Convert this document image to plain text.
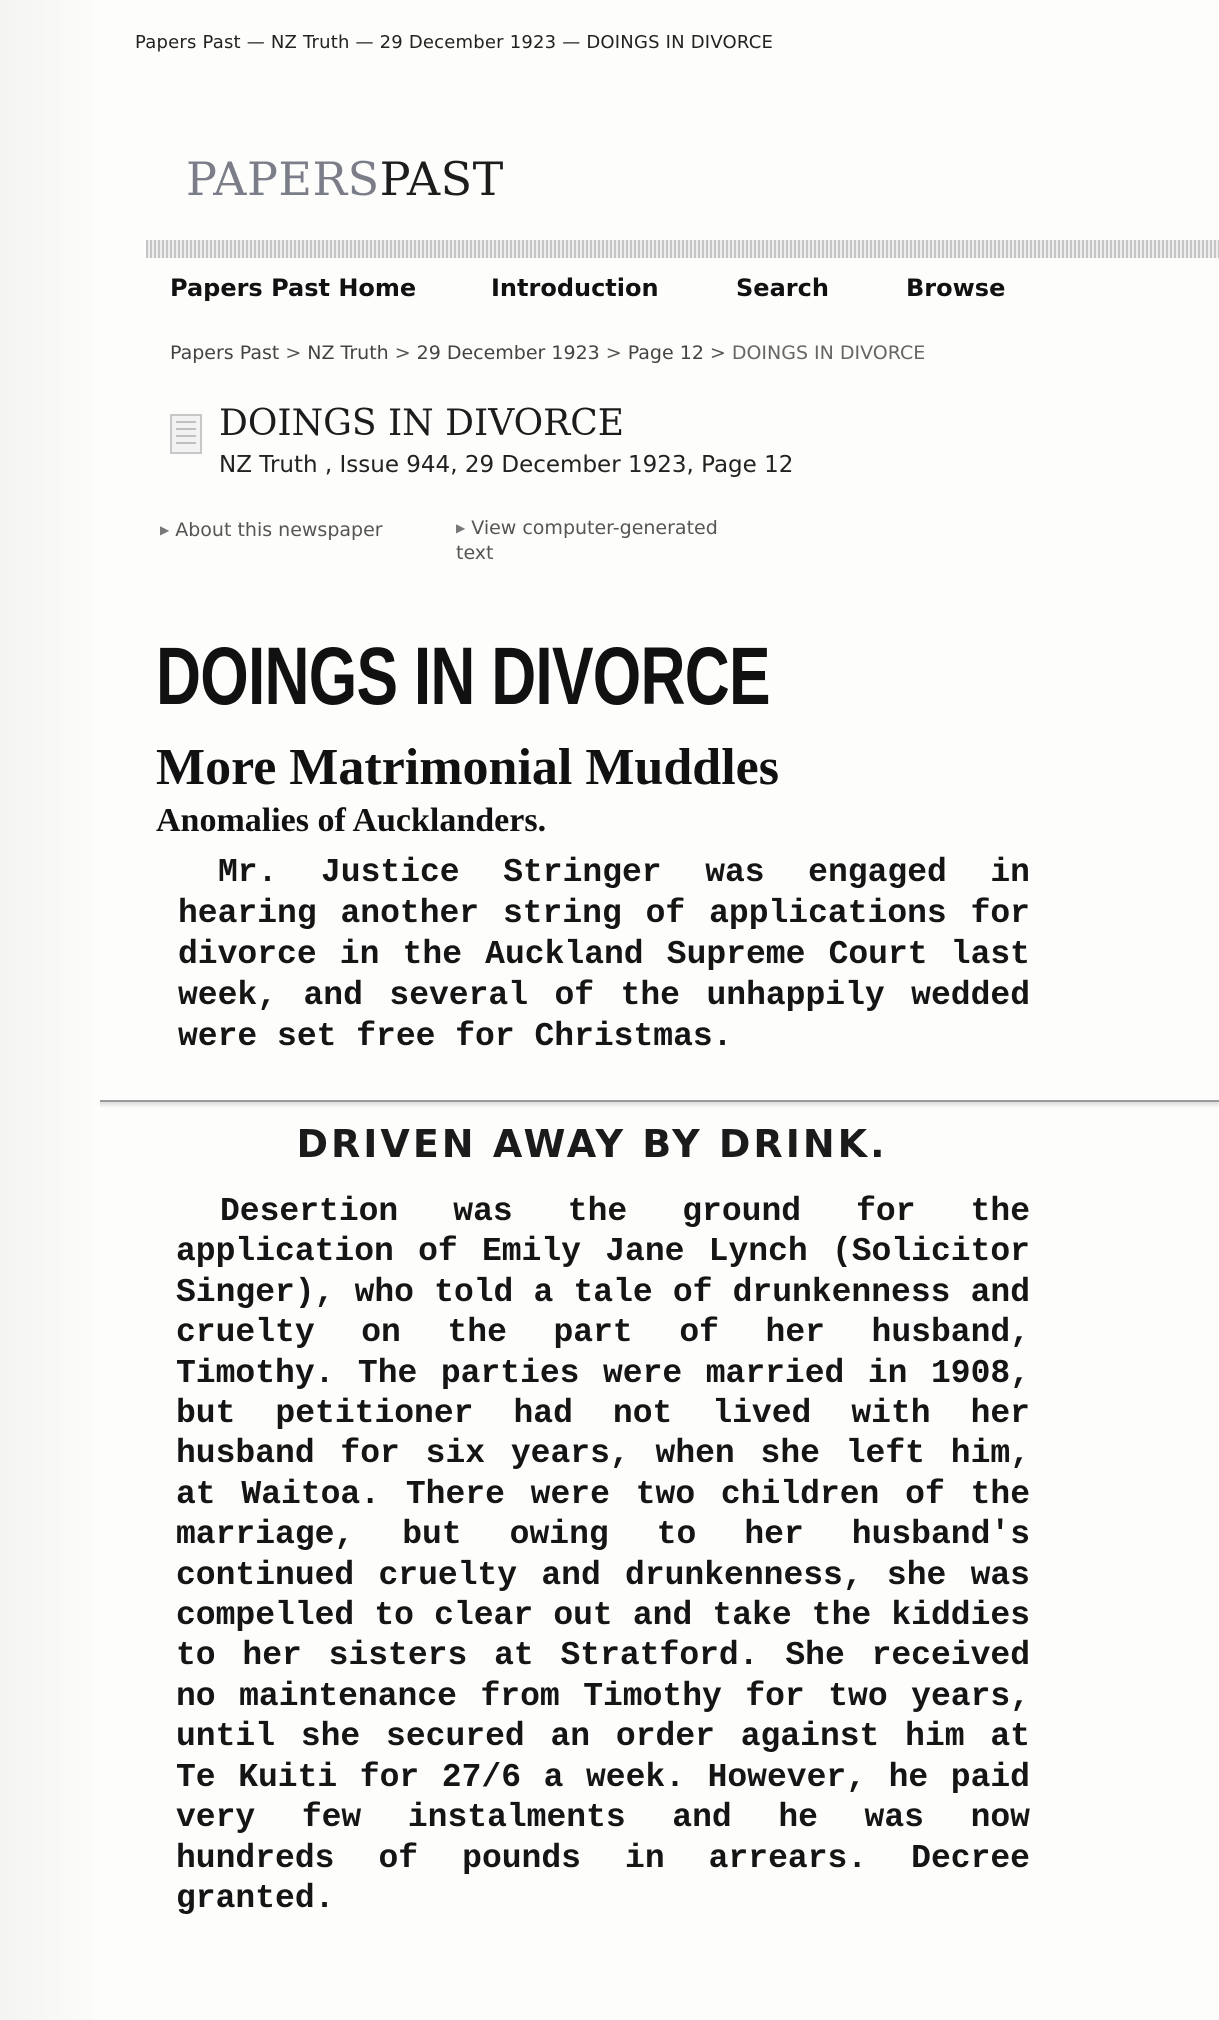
Papers Past — NZ Truth — 29 December 1923 — DOINGS IN DIVORCE
PAPERSPAST
Papers Past Home	Introduction	Search	Browse
Papers Past > NZ Truth > 29 December 1923 > Page 12 > DOINGS IN DIVORCE
DOINGS IN DIVORCE
NZ Truth , Issue 944, 29 December 1923, Page 12
▶ About this newspaper	▶ View computer-generated text
DOINGS IN DIVORCE
More Matrimonial Muddles
Anomalies of Aucklanders.
Mr. Justice Stringer was engaged in hearing another string of applications for divorce in the Auckland Supreme Court last week, and several of the unhappily wedded were set free for Christmas.
DRIVEN AWAY BY DRINK.
Desertion was the ground for the application of Emily Jane Lynch (Solicitor Singer), who told a tale of drunkenness and cruelty on the part of her husband, Timothy. The parties were married in 1908, but petitioner had not lived with her husband for six years, when she left him, at Waitoa. There were two children of the marriage, but owing to her husband's continued cruelty and drunkenness, she was compelled to clear out and take the kiddies to her sisters at Stratford. She received no maintenance from Timothy for two years, until she secured an order against him at Te Kuiti for 27/6 a week. However, he paid very few instalments and he was now hundreds of pounds in arrears. Decree granted.
